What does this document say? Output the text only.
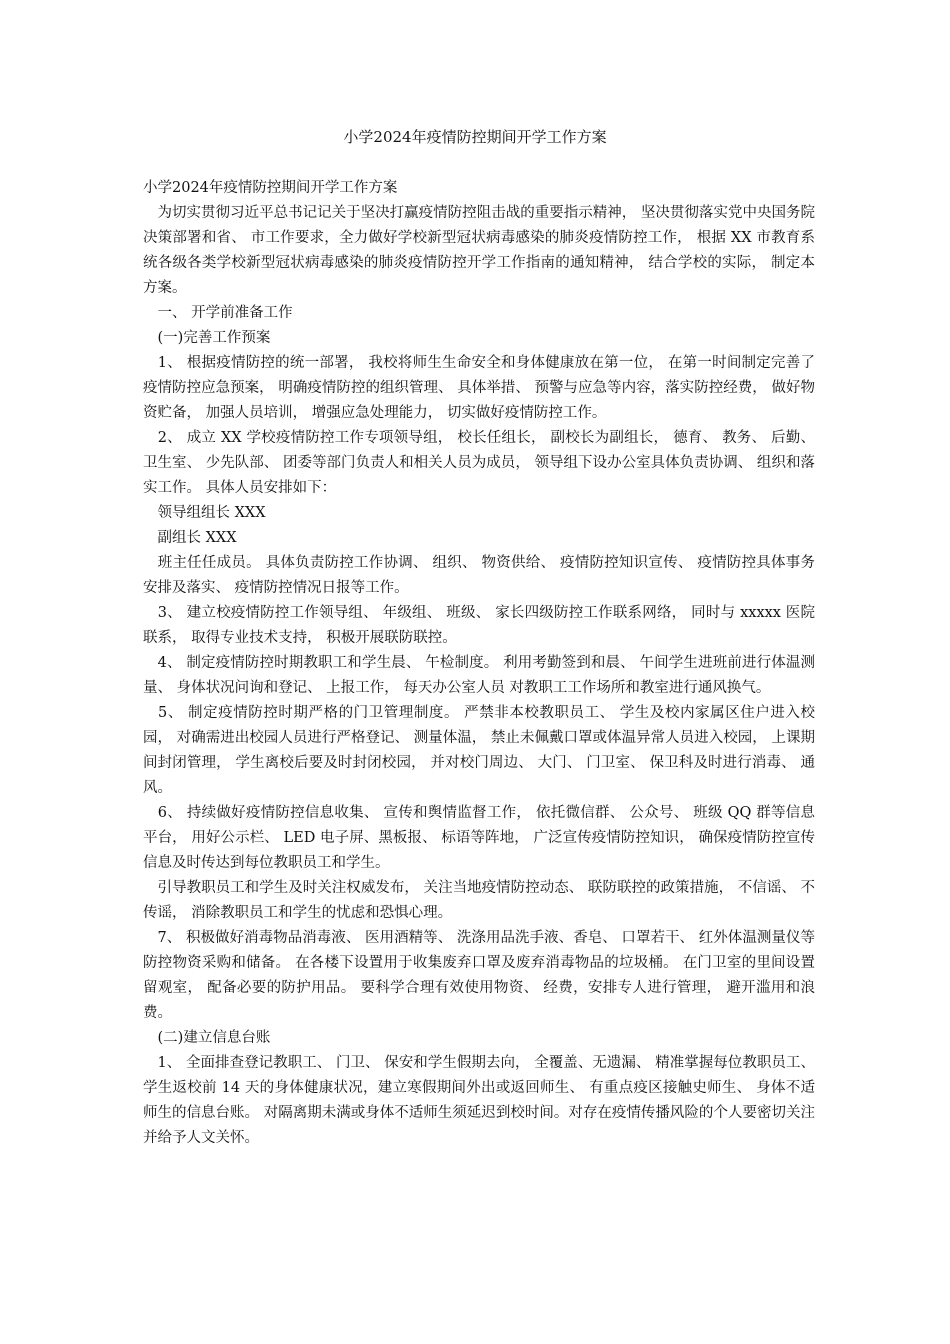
小学2024年疫情防控期间开学工作方案

小学2024年疫情防控期间开学工作方案

　为切实贯彻习近平总书记记关于坚决打赢疫情防控阻击战的重要指示精神， 坚决贯彻落实党中央国务院决策部署和省、 市工作要求，全力做好学校新型冠状病毒感染的肺炎疫情防控工作， 根据 XX 市教育系统各级各类学校新型冠状病毒感染的肺炎疫情防控开学工作指南的通知精神， 结合学校的实际， 制定本方案。

　一、 开学前准备工作

　(一)完善工作预案

　1、 根据疫情防控的统一部署， 我校将师生生命安全和身体健康放在第一位， 在第一时间制定完善了疫情防控应急预案， 明确疫情防控的组织管理、 具体举措、 预警与应急等内容，落实防控经费， 做好物资贮备， 加强人员培训， 增强应急处理能力， 切实做好疫情防控工作。

　2、 成立 XX 学校疫情防控工作专项领导组， 校长任组长， 副校长为副组长， 德育、 教务、 后勤、 卫生室、 少先队部、 团委等部门负责人和相关人员为成员， 领导组下设办公室具体负责协调、 组织和落实工作。 具体人员安排如下：

　领导组组长 XXX

　副组长 XXX

　班主任任成员。 具体负责防控工作协调、 组织、 物资供给、 疫情防控知识宣传、 疫情防控具体事务安排及落实、 疫情防控情况日报等工作。

　3、 建立校疫情防控工作领导组、 年级组、 班级、 家长四级防控工作联系网络， 同时与 xxxxx 医院联系， 取得专业技术支持， 积极开展联防联控。

　4、 制定疫情防控时期教职工和学生晨、 午检制度。 利用考勤签到和晨、 午间学生进班前进行体温测量、 身体状况问询和登记、 上报工作， 每天办公室人员 对教职工工作场所和教室进行通风换气。

　5、 制定疫情防控时期严格的门卫管理制度。 严禁非本校教职员工、 学生及校内家属区住户进入校园， 对确需进出校园人员进行严格登记、 测量体温， 禁止未佩戴口罩或体温异常人员进入校园， 上课期间封闭管理， 学生离校后要及时封闭校园， 并对校门周边、 大门、 门卫室、 保卫科及时进行消毒、 通风。

　6、 持续做好疫情防控信息收集、 宣传和舆情监督工作， 依托微信群、 公众号、 班级 QQ 群等信息平台， 用好公示栏、 LED 电子屏、黑板报、 标语等阵地， 广泛宣传疫情防控知识， 确保疫情防控宣传信息及时传达到每位教职员工和学生。

　引导教职员工和学生及时关注权威发布， 关注当地疫情防控动态、 联防联控的政策措施， 不信谣、 不传谣， 消除教职员工和学生的忧虑和恐惧心理。

　7、 积极做好消毒物品消毒液、 医用酒精等、 洗涤用品洗手液、香皂、 口罩若干、 红外体温测量仪等防控物资采购和储备。 在各楼下设置用于收集废弃口罩及废弃消毒物品的垃圾桶。 在门卫室的里间设置留观室， 配备必要的防护用品。 要科学合理有效使用物资、 经费，安排专人进行管理， 避开滥用和浪费。

　(二)建立信息台账

　1、 全面排查登记教职工、 门卫、 保安和学生假期去向， 全覆盖、无遗漏、 精准掌握每位教职员工、 学生返校前 14 天的身体健康状况，建立寒假期间外出或返回师生、 有重点疫区接触史师生、 身体不适师生的信息台账。 对隔离期未满或身体不适师生须延迟到校时间。对存在疫情传播风险的个人要密切关注并给予人文关怀。
